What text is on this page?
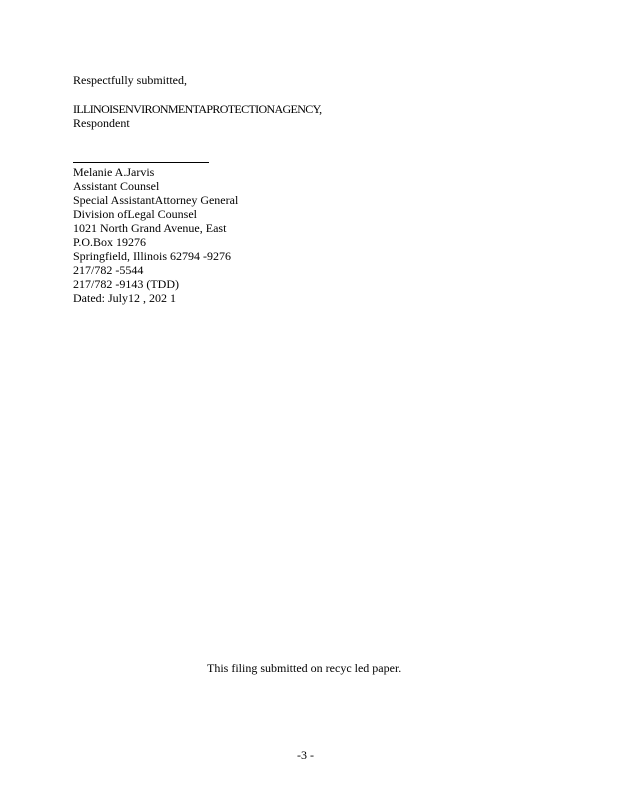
Respectfully submitted,
ILLINOISENVIRONMENTAPROTECTIONAGENCY,
Respondent
Melanie A.Jarvis
Assistant Counsel
Special AssistantAttorney General
Division ofLegal Counsel
1021 North Grand Avenue, East
P.O.Box 19276
Springfield, Illinois 62794 -9276
217/782 -5544
217/782 -9143 (TDD)
Dated: July12 , 202 1
This filing submitted on recyc led paper.
-3 -
